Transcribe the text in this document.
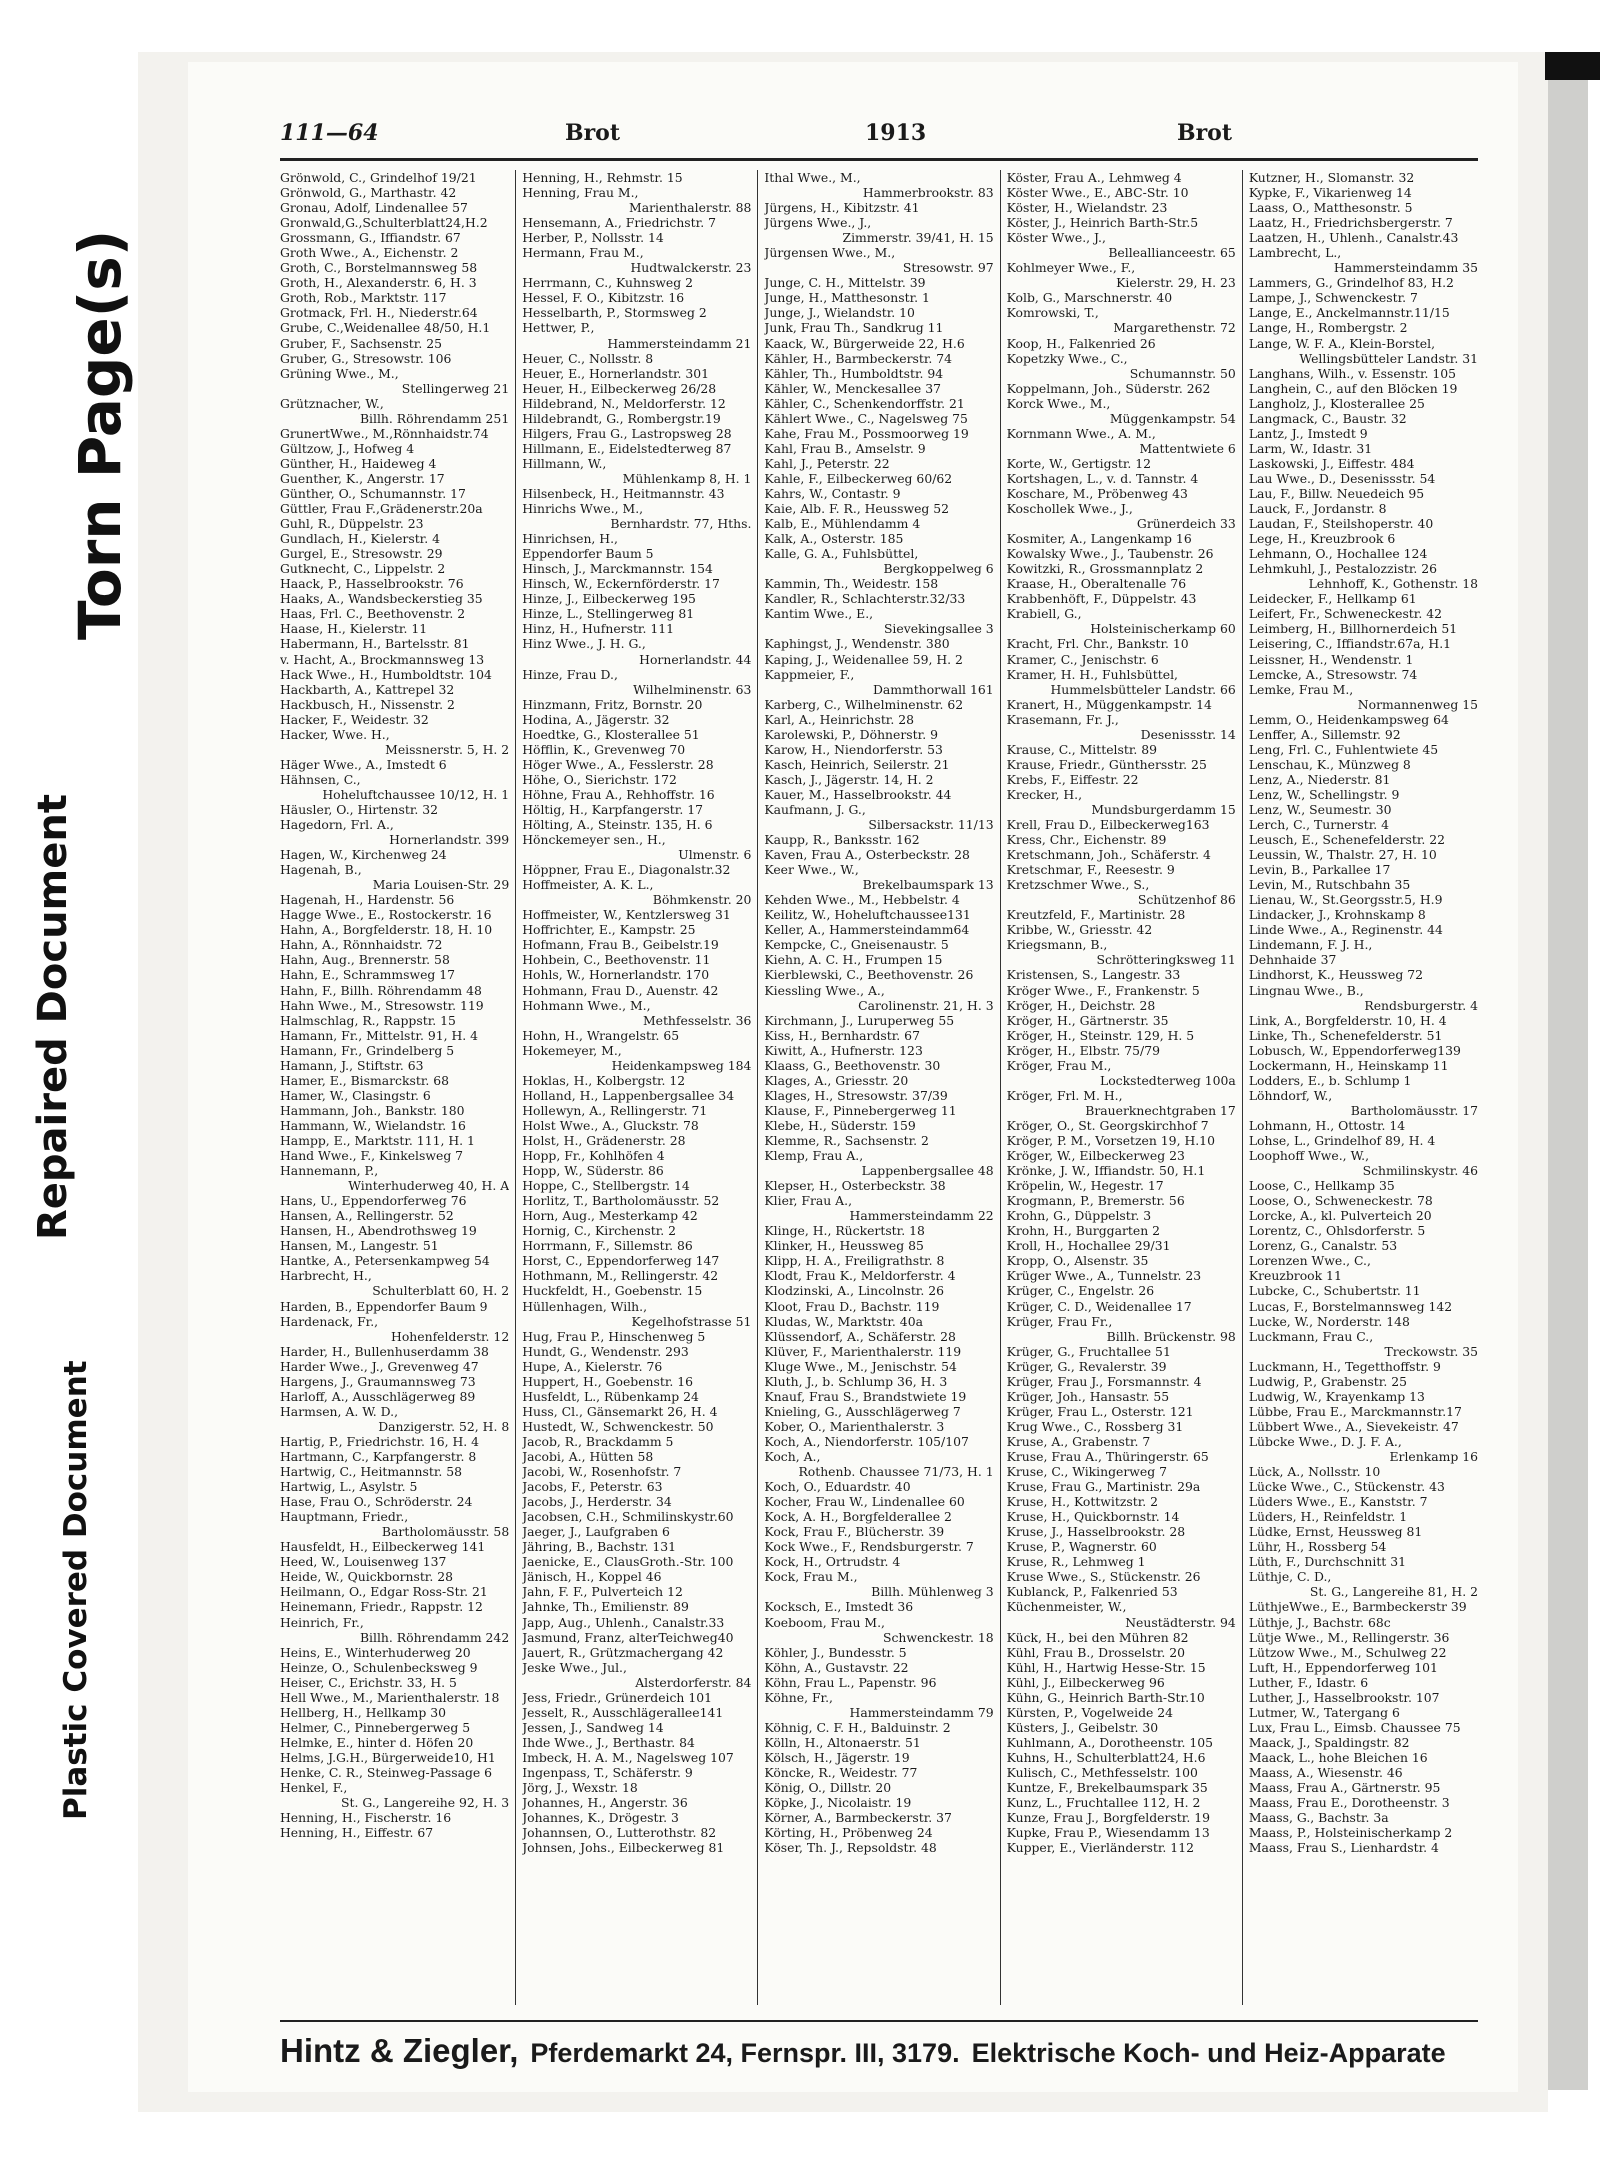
Plastic Covered Document
Repaired Document
Torn Page(s)
111—64	Brot	1913	Brot
Grönwold, C., Grindelhof 19/21
Grönwold, G., Marthastr. 42
Gronau, Adolf, Lindenallee 57
Gronwald,G.,Schulterblatt24,H.2
Grossmann, G., Iffiandstr. 67
Groth Wwe., A., Eichenstr. 2
Groth, C., Borstelmannsweg 58
Groth, H., Alexanderstr. 6, H. 3
Groth, Rob., Marktstr. 117
Grotmack, Frl. H., Niederstr.64
Grube, C.,Weidenallee 48/50, H.1
Gruber, F., Sachsenstr. 25
Gruber, G., Stresowstr. 106
Grüning Wwe., M.,
Stellingerweg 21
Grütznacher, W.,
Billh. Röhrendamm 251
GrunertWwe., M.,Rönnhaidstr.74
Gültzow, J., Hofweg 4
Günther, H., Haideweg 4
Guenther, K., Angerstr. 17
Günther, O., Schumannstr. 17
Güttler, Frau F.,Grädenerstr.20a
Guhl, R., Düppelstr. 23
Gundlach, H., Kielerstr. 4
Gurgel, E., Stresowstr. 29
Gutknecht, C., Lippelstr. 2
Haack, P., Hasselbrookstr. 76
Haaks, A., Wandsbeckerstieg 35
Haas, Frl. C., Beethovenstr. 2
Haase, H., Kielerstr. 11
Habermann, H., Bartelsstr. 81
v. Hacht, A., Brockmannsweg 13
Hack Wwe., H., Humboldtstr. 104
Hackbarth, A., Kattrepel 32
Hackbusch, H., Nissenstr. 2
Hacker, F., Weidestr. 32
Hacker, Wwe. H.,
Meissnerstr. 5, H. 2
Häger Wwe., A., Imstedt 6
Hähnsen, C.,
Hoheluftchaussee 10/12, H. 1
Häusler, O., Hirtenstr. 32
Hagedorn, Frl. A.,
Hornerlandstr. 399
Hagen, W., Kirchenweg 24
Hagenah, B.,
Maria Louisen-Str. 29
Hagenah, H., Hardenstr. 56
Hagge Wwe., E., Rostockerstr. 16
Hahn, A., Borgfelderstr. 18, H. 10
Hahn, A., Rönnhaidstr. 72
Hahn, Aug., Brennerstr. 58
Hahn, E., Schrammsweg 17
Hahn, F., Billh. Röhrendamm 48
Hahn Wwe., M., Stresowstr. 119
Halmschlag, R., Rappstr. 15
Hamann, Fr., Mittelstr. 91, H. 4
Hamann, Fr., Grindelberg 5
Hamann, J., Stiftstr. 63
Hamer, E., Bismarckstr. 68
Hamer, W., Clasingstr. 6
Hammann, Joh., Bankstr. 180
Hammann, W., Wielandstr. 16
Hampp, E., Marktstr. 111, H. 1
Hand Wwe., F., Kinkelsweg 7
Hannemann, P.,
Winterhuderweg 40, H. A
Hans, U., Eppendorferweg 76
Hansen, A., Rellingerstr. 52
Hansen, H., Abendrothsweg 19
Hansen, M., Langestr. 51
Hantke, A., Petersenkampweg 54
Harbrecht, H.,
Schulterblatt 60, H. 2
Harden, B., Eppendorfer Baum 9
Hardenack, Fr.,
Hohenfelderstr. 12
Harder, H., Bullenhuserdamm 38
Harder Wwe., J., Grevenweg 47
Hargens, J., Graumannsweg 73
Harloff, A., Ausschlägerweg 89
Harmsen, A. W. D.,
Danzigerstr. 52, H. 8
Hartig, P., Friedrichstr. 16, H. 4
Hartmann, C., Karpfangerstr. 8
Hartwig, C., Heitmannstr. 58
Hartwig, L., Asylstr. 5
Hase, Frau O., Schröderstr. 24
Hauptmann, Friedr.,
Bartholomäusstr. 58
Hausfeldt, H., Eilbeckerweg 141
Heed, W., Louisenweg 137
Heide, W., Quickbornstr. 28
Heilmann, O., Edgar Ross-Str. 21
Heinemann, Friedr., Rappstr. 12
Heinrich, Fr.,
Billh. Röhrendamm 242
Heins, E., Winterhuderweg 20
Heinze, O., Schulenbecksweg 9
Heiser, C., Erichstr. 33, H. 5
Hell Wwe., M., Marienthalerstr. 18
Hellberg, H., Hellkamp 30
Helmer, C., Pinnebergerweg 5
Helmke, E., hinter d. Höfen 20
Helms, J.G.H., Bürgerweide10, H1
Henke, C. R., Steinweg-Passage 6
Henkel, F.,
St. G., Langereihe 92, H. 3
Henning, H., Fischerstr. 16
Henning, H., Eiffestr. 67
Henning, H., Rehmstr. 15
Henning, Frau M.,
Marienthalerstr. 88
Hensemann, A., Friedrichstr. 7
Herber, P., Nollsstr. 14
Hermann, Frau M.,
Hudtwalckerstr. 23
Herrmann, C., Kuhnsweg 2
Hessel, F. O., Kibitzstr. 16
Hesselbarth, P., Stormsweg 2
Hettwer, P.,
Hammersteindamm 21
Heuer, C., Nollsstr. 8
Heuer, E., Hornerlandstr. 301
Heuer, H., Eilbeckerweg 26/28
Hildebrand, N., Meldorferstr. 12
Hildebrandt, G., Rombergstr.19
Hilgers, Frau G., Lastropsweg 28
Hillmann, E., Eidelstedterweg 87
Hillmann, W.,
Mühlenkamp 8, H. 1
Hilsenbeck, H., Heitmannstr. 43
Hinrichs Wwe., M.,
Bernhardstr. 77, Hths.
Hinrichsen, H.,
Eppendorfer Baum 5
Hinsch, J., Marckmannstr. 154
Hinsch, W., Eckernförderstr. 17
Hinze, J., Eilbeckerweg 195
Hinze, L., Stellingerweg 81
Hinz, H., Hufnerstr. 111
Hinz Wwe., J. H. G.,
Hornerlandstr. 44
Hinze, Frau D.,
Wilhelminenstr. 63
Hinzmann, Fritz, Bornstr. 20
Hodina, A., Jägerstr. 32
Hoedtke, G., Klosterallee 51
Höfflin, K., Grevenweg 70
Höger Wwe., A., Fesslerstr. 28
Höhe, O., Sierichstr. 172
Höhne, Frau A., Rehhoffstr. 16
Höltig, H., Karpfangerstr. 17
Hölting, A., Steinstr. 135, H. 6
Hönckemeyer sen., H.,
Ulmenstr. 6
Höppner, Frau E., Diagonalstr.32
Hoffmeister, A. K. L.,
Böhmkenstr. 20
Hoffmeister, W., Kentzlersweg 31
Hoffrichter, E., Kampstr. 25
Hofmann, Frau B., Geibelstr.19
Hohbein, C., Beethovenstr. 11
Hohls, W., Hornerlandstr. 170
Hohmann, Frau D., Auenstr. 42
Hohmann Wwe., M.,
Methfesselstr. 36
Hohn, H., Wrangelstr. 65
Hokemeyer, M.,
Heidenkampsweg 184
Hoklas, H., Kolbergstr. 12
Holland, H., Lappenbergsallee 34
Hollewyn, A., Rellingerstr. 71
Holst Wwe., A., Gluckstr. 78
Holst, H., Grädenerstr. 28
Hopp, Fr., Kohlhöfen 4
Hopp, W., Süderstr. 86
Hoppe, C., Stellbergstr. 14
Horlitz, T., Bartholomäusstr. 52
Horn, Aug., Mesterkamp 42
Hornig, C., Kirchenstr. 2
Horrmann, F., Sillemstr. 86
Horst, C., Eppendorferweg 147
Hothmann, M., Rellingerstr. 42
Huckfeldt, H., Goebenstr. 15
Hüllenhagen, Wilh.,
Kegelhofstrasse 51
Hug, Frau P., Hinschenweg 5
Hundt, G., Wendenstr. 293
Hupe, A., Kielerstr. 76
Huppert, H., Goebenstr. 16
Husfeldt, L., Rübenkamp 24
Huss, Cl., Gänsemarkt 26, H. 4
Hustedt, W., Schwenckestr. 50
Jacob, R., Brackdamm 5
Jacobi, A., Hütten 58
Jacobi, W., Rosenhofstr. 7
Jacobs, F., Peterstr. 63
Jacobs, J., Herderstr. 34
Jacobsen, C.H., Schmilinskystr.60
Jaeger, J., Laufgraben 6
Jähring, B., Bachstr. 131
Jaenicke, E., ClausGroth.-Str. 100
Jänisch, H., Koppel 46
Jahn, F. F., Pulverteich 12
Jahnke, Th., Emilienstr. 89
Japp, Aug., Uhlenh., Canalstr.33
Jasmund, Franz, alterTeichweg40
Jauert, R., Grützmachergang 42
Jeske Wwe., Jul.,
Alsterdorferstr. 84
Jess, Friedr., Grünerdeich 101
Jesselt, R., Ausschlägerallee141
Jessen, J., Sandweg 14
Ihde Wwe., J., Berthastr. 84
Imbeck, H. A. M., Nagelsweg 107
Ingenpass, T., Schäferstr. 9
Jörg, J., Wexstr. 18
Johannes, H., Angerstr. 36
Johannes, K., Drögestr. 3
Johannsen, O., Lutterothstr. 82
Johnsen, Johs., Eilbeckerweg 81
Ithal Wwe., M.,
Hammerbrookstr. 83
Jürgens, H., Kibitzstr. 41
Jürgens Wwe., J.,
Zimmerstr. 39/41, H. 15
Jürgensen Wwe., M.,
Stresowstr. 97
Junge, C. H., Mittelstr. 39
Junge, H., Matthesonstr. 1
Junge, J., Wielandstr. 10
Junk, Frau Th., Sandkrug 11
Kaack, W., Bürgerweide 22, H.6
Kähler, H., Barmbeckerstr. 74
Kähler, Th., Humboldtstr. 94
Kähler, W., Menckesallee 37
Kähler, C., Schenkendorffstr. 21
Kählert Wwe., C., Nagelsweg 75
Kahe, Frau M., Possmoorweg 19
Kahl, Frau B., Amselstr. 9
Kahl, J., Peterstr. 22
Kahle, F., Eilbeckerweg 60/62
Kahrs, W., Contastr. 9
Kaie, Alb. F. R., Heussweg 52
Kalb, E., Mühlendamm 4
Kalk, A., Osterstr. 185
Kalle, G. A., Fuhlsbüttel,
Bergkoppelweg 6
Kammin, Th., Weidestr. 158
Kandler, R., Schlachterstr.32/33
Kantim Wwe., E.,
Sievekingsallee 3
Kaphingst, J., Wendenstr. 380
Kaping, J., Weidenallee 59, H. 2
Kappmeier, F.,
Dammthorwall 161
Karberg, C., Wilhelminenstr. 62
Karl, A., Heinrichstr. 28
Karolewski, P., Döhnerstr. 9
Karow, H., Niendorferstr. 53
Kasch, Heinrich, Seilerstr. 21
Kasch, J., Jägerstr. 14, H. 2
Kauer, M., Hasselbrookstr. 44
Kaufmann, J. G.,
Silbersackstr. 11/13
Kaupp, R., Banksstr. 162
Kaven, Frau A., Osterbeckstr. 28
Keer Wwe., W.,
Brekelbaumspark 13
Kehden Wwe., M., Hebbelstr. 4
Keilitz, W., Hoheluftchaussee131
Keller, A., Hammersteindamm64
Kempcke, C., Gneisenaustr. 5
Kiehn, A. C. H., Frumpen 15
Kierblewski, C., Beethovenstr. 26
Kiessling Wwe., A.,
Carolinenstr. 21, H. 3
Kirchmann, J., Luruperweg 55
Kiss, H., Bernhardstr. 67
Kiwitt, A., Hufnerstr. 123
Klaass, G., Beethovenstr. 30
Klages, A., Griesstr. 20
Klages, H., Stresowstr. 37/39
Klause, F., Pinnebergerweg 11
Klebe, H., Süderstr. 159
Klemme, R., Sachsenstr. 2
Klemp, Frau A.,
Lappenbergsallee 48
Klepser, H., Osterbeckstr. 38
Klier, Frau A.,
Hammersteindamm 22
Klinge, H., Rückertstr. 18
Klinker, H., Heussweg 85
Klipp, H. A., Freiligrathstr. 8
Klodt, Frau K., Meldorferstr. 4
Klodzinski, A., Lincolnstr. 26
Kloot, Frau D., Bachstr. 119
Kludas, W., Marktstr. 40a
Klüssendorf, A., Schäferstr. 28
Klüver, F., Marienthalerstr. 119
Kluge Wwe., M., Jenischstr. 54
Kluth, J., b. Schlump 36, H. 3
Knauf, Frau S., Brandstwiete 19
Knieling, G., Ausschlägerweg 7
Kober, O., Marienthalerstr. 3
Koch, A., Niendorferstr. 105/107
Koch, A.,
Rothenb. Chaussee 71/73, H. 1
Koch, O., Eduardstr. 40
Kocher, Frau W., Lindenallee 60
Kock, A. H., Borgfelderallee 2
Kock, Frau F., Blücherstr. 39
Kock Wwe., F., Rendsburgerstr. 7
Kock, H., Ortrudstr. 4
Kock, Frau M.,
Billh. Mühlenweg 3
Kocksch, E., Imstedt 36
Koeboom, Frau M.,
Schwenckestr. 18
Köhler, J., Bundesstr. 5
Köhn, A., Gustavstr. 22
Köhn, Frau L., Papenstr. 96
Köhne, Fr.,
Hammersteindamm 79
Köhnig, C. F. H., Balduinstr. 2
Kölln, H., Altonaerstr. 51
Kölsch, H., Jägerstr. 19
Köncke, R., Weidestr. 77
König, O., Dillstr. 20
Köpke, J., Nicolaistr. 19
Körner, A., Barmbeckerstr. 37
Körting, H., Pröbenweg 24
Köser, Th. J., Repsoldstr. 48
Köster, Frau A., Lehmweg 4
Köster Wwe., E., ABC-Str. 10
Köster, H., Wielandstr. 23
Köster, J., Heinrich Barth-Str.5
Köster Wwe., J.,
Belleallianceestr. 65
Kohlmeyer Wwe., F.,
Kielerstr. 29, H. 23
Kolb, G., Marschnerstr. 40
Komrowski, T.,
Margarethenstr. 72
Koop, H., Falkenried 26
Kopetzky Wwe., C.,
Schumannstr. 50
Koppelmann, Joh., Süderstr. 262
Korck Wwe., M.,
Müggenkampstr. 54
Kornmann Wwe., A. M.,
Mattentwiete 6
Korte, W., Gertigstr. 12
Kortshagen, L., v. d. Tannstr. 4
Koschare, M., Pröbenweg 43
Koschollek Wwe., J.,
Grünerdeich 33
Kosmiter, A., Langenkamp 16
Kowalsky Wwe., J., Taubenstr. 26
Kowitzki, R., Grossmannplatz 2
Kraase, H., Oberaltenalle 76
Krabbenhöft, F., Düppelstr. 43
Krabiell, G.,
Holsteinischerkamp 60
Kracht, Frl. Chr., Bankstr. 10
Kramer, C., Jenischstr. 6
Kramer, H. H., Fuhlsbüttel,
Hummelsbütteler Landstr. 66
Kranert, H., Müggenkampstr. 14
Krasemann, Fr. J.,
Desenissstr. 14
Krause, C., Mittelstr. 89
Krause, Friedr., Günthersstr. 25
Krebs, F., Eiffestr. 22
Krecker, H.,
Mundsburgerdamm 15
Krell, Frau D., Eilbeckerweg163
Kress, Chr., Eichenstr. 89
Kretschmann, Joh., Schäferstr. 4
Kretschmar, F., Reesestr. 9
Kretzschmer Wwe., S.,
Schützenhof 86
Kreutzfeld, F., Martinistr. 28
Kribbe, W., Griesstr. 42
Kriegsmann, B.,
Schrötteringksweg 11
Kristensen, S., Langestr. 33
Kröger Wwe., F., Frankenstr. 5
Kröger, H., Deichstr. 28
Kröger, H., Gärtnerstr. 35
Kröger, H., Steinstr. 129, H. 5
Kröger, H., Elbstr. 75/79
Kröger, Frau M.,
Lockstedterweg 100a
Kröger, Frl. M. H.,
Brauerknechtgraben 17
Kröger, O., St. Georgskirchhof 7
Kröger, P. M., Vorsetzen 19, H.10
Kröger, W., Eilbeckerweg 23
Krönke, J. W., Iffiandstr. 50, H.1
Kröpelin, W., Hegestr. 17
Krogmann, P., Bremerstr. 56
Krohn, G., Düppelstr. 3
Krohn, H., Burggarten 2
Kroll, H., Hochallee 29/31
Kropp, O., Alsenstr. 35
Krüger Wwe., A., Tunnelstr. 23
Krüger, C., Engelstr. 26
Krüger, C. D., Weidenallee 17
Krüger, Frau Fr.,
Billh. Brückenstr. 98
Krüger, G., Fruchtallee 51
Krüger, G., Revalerstr. 39
Krüger, Frau J., Forsmannstr. 4
Krüger, Joh., Hansastr. 55
Krüger, Frau L., Osterstr. 121
Krug Wwe., C., Rossberg 31
Kruse, A., Grabenstr. 7
Kruse, Frau A., Thüringerstr. 65
Kruse, C., Wikingerweg 7
Kruse, Frau G., Martinistr. 29a
Kruse, H., Kottwitzstr. 2
Kruse, H., Quickbornstr. 14
Kruse, J., Hasselbrookstr. 28
Kruse, P., Wagnerstr. 60
Kruse, R., Lehmweg 1
Kruse Wwe., S., Stückenstr. 26
Kublanck, P., Falkenried 53
Küchenmeister, W.,
Neustädterstr. 94
Kück, H., bei den Mühren 82
Kühl, Frau B., Drosselstr. 20
Kühl, H., Hartwig Hesse-Str. 15
Kühl, J., Eilbeckerweg 96
Kühn, G., Heinrich Barth-Str.10
Kürsten, P., Vogelweide 24
Küsters, J., Geibelstr. 30
Kuhlmann, A., Dorotheenstr. 105
Kuhns, H., Schulterblatt24, H.6
Kulisch, C., Methfesselstr. 100
Kuntze, F., Brekelbaumspark 35
Kunz, L., Fruchtallee 112, H. 2
Kunze, Frau J., Borgfelderstr. 19
Kupke, Frau P., Wiesendamm 13
Kupper, E., Vierländerstr. 112
Kutzner, H., Slomanstr. 32
Kypke, F., Vikarienweg 14
Laass, O., Matthesonstr. 5
Laatz, H., Friedrichsbergerstr. 7
Laatzen, H., Uhlenh., Canalstr.43
Lambrecht, L.,
Hammersteindamm 35
Lammers, G., Grindelhof 83, H.2
Lampe, J., Schwenckestr. 7
Lange, E., Anckelmannstr.11/15
Lange, H., Rombergstr. 2
Lange, W. F. A., Klein-Borstel,
Wellingsbütteler Landstr. 31
Langhans, Wilh., v. Essenstr. 105
Langhein, C., auf den Blöcken 19
Langholz, J., Klosterallee 25
Langmack, C., Baustr. 32
Lantz, J., Imstedt 9
Larm, W., Idastr. 31
Laskowski, J., Eiffestr. 484
Lau Wwe., D., Desenissstr. 54
Lau, F., Billw. Neuedeich 95
Lauck, F., Jordanstr. 8
Laudan, F., Steilshoperstr. 40
Lege, H., Kreuzbrook 6
Lehmann, O., Hochallee 124
Lehmkuhl, J., Pestalozzistr. 26
Lehnhoff, K., Gothenstr. 18
Leidecker, F., Hellkamp 61
Leifert, Fr., Schweneckestr. 42
Leimberg, H., Billhornerdeich 51
Leisering, C., Iffiandstr.67a, H.1
Leissner, H., Wendenstr. 1
Lemcke, A., Stresowstr. 74
Lemke, Frau M.,
Normannenweg 15
Lemm, O., Heidenkampsweg 64
Lenffer, A., Sillemstr. 92
Leng, Frl. C., Fuhlentwiete 45
Lenschau, K., Münzweg 8
Lenz, A., Niederstr. 81
Lenz, W., Schellingstr. 9
Lenz, W., Seumestr. 30
Lerch, C., Turnerstr. 4
Leusch, E., Schenefelderstr. 22
Leussin, W., Thalstr. 27, H. 10
Levin, B., Parkallee 17
Levin, M., Rutschbahn 35
Lienau, W., St.Georgsstr.5, H.9
Lindacker, J., Krohnskamp 8
Linde Wwe., A., Reginenstr. 44
Lindemann, F. J. H.,
Dehnhaide 37
Lindhorst, K., Heussweg 72
Lingnau Wwe., B.,
Rendsburgerstr. 4
Link, A., Borgfelderstr. 10, H. 4
Linke, Th., Schenefelderstr. 51
Lobusch, W., Eppendorferweg139
Lockermann, H., Heinskamp 11
Lodders, E., b. Schlump 1
Löhndorf, W.,
Bartholomäusstr. 17
Lohmann, H., Ottostr. 14
Lohse, L., Grindelhof 89, H. 4
Loophoff Wwe., W.,
Schmilinskystr. 46
Loose, C., Hellkamp 35
Loose, O., Schweneckestr. 78
Lorcke, A., kl. Pulverteich 20
Lorentz, C., Ohlsdorferstr. 5
Lorenz, G., Canalstr. 53
Lorenzen Wwe., C.,
Kreuzbrook 11
Lubcke, C., Schubertstr. 11
Lucas, F., Borstelmannsweg 142
Lucke, W., Norderstr. 148
Luckmann, Frau C.,
Treckowstr. 35
Luckmann, H., Tegetthoffstr. 9
Ludwig, P., Grabenstr. 25
Ludwig, W., Krayenkamp 13
Lübbe, Frau E., Marckmannstr.17
Lübbert Wwe., A., Sievekeistr. 47
Lübcke Wwe., D. J. F. A.,
Erlenkamp 16
Lück, A., Nollsstr. 10
Lücke Wwe., C., Stückenstr. 43
Lüders Wwe., E., Kanststr. 7
Lüders, H., Reinfeldstr. 1
Lüdke, Ernst, Heussweg 81
Lühr, H., Rossberg 54
Lüth, F., Durchschnitt 31
Lüthje, C. D.,
St. G., Langereihe 81, H. 2
LüthjeWwe., E., Barmbeckerstr 39
Lüthje, J., Bachstr. 68c
Lütje Wwe., M., Rellingerstr. 36
Lützow Wwe., M., Schulweg 22
Luft, H., Eppendorferweg 101
Luther, F., Idastr. 6
Luther, J., Hasselbrookstr. 107
Lutmer, W., Tatergang 6
Lux, Frau L., Eimsb. Chaussee 75
Maack, J., Spaldingstr. 82
Maack, L., hohe Bleichen 16
Maass, A., Wiesenstr. 46
Maass, Frau A., Gärtnerstr. 95
Maass, Frau E., Dorotheenstr. 3
Maass, G., Bachstr. 3a
Maass, P., Holsteinischerkamp 2
Maass, Frau S., Lienhardstr. 4
Hintz & Ziegler, Pferdemarkt 24, Fernspr. III, 3179. Elektrische Koch- und Heiz-Apparate
